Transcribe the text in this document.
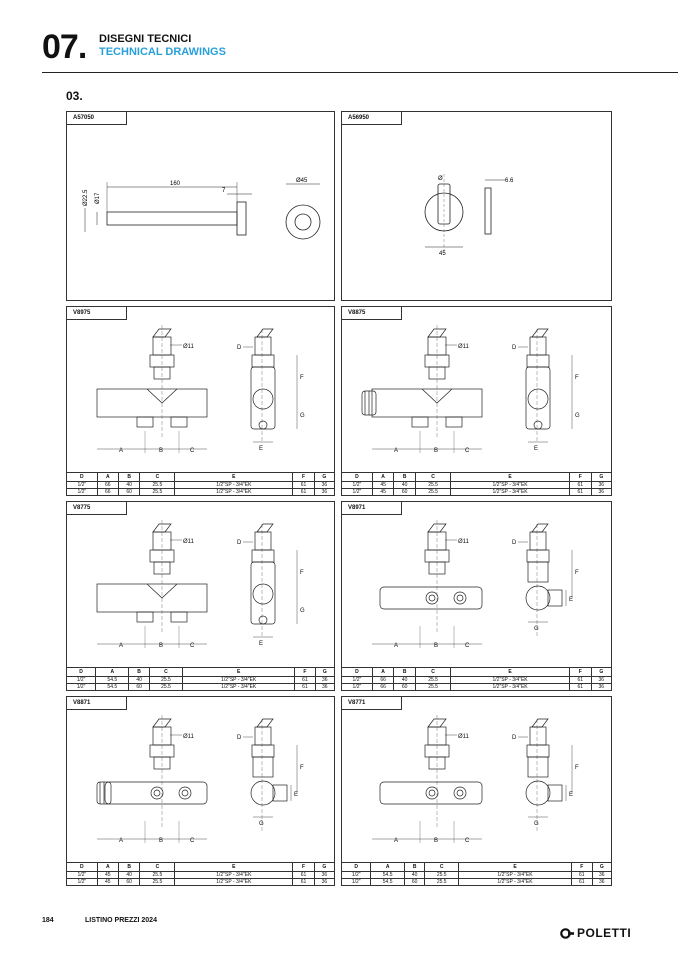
07. DISEGNI TECNICI
TECHNICAL DRAWINGS
03.
A57050
160
7
Ø22.5 Ø17
Ø45
A56950
45
Ø	6.6

V8975
Ø11
A	B	C	E
D
F
G
D	A	B	C	E	F	G
1/2"	66	40	25.5	1/2"SP - 3/4"EK	61	36
1/2"	66	60	25.5	1/2"SP - 3/4"EK	61	36
V8875
Ø11
A	B	C	E
D
F
G
D	A	B	C	E	F	G
1/2"	45	40	25.5	1/2"SP - 3/4"EK	61	36
1/2"	45	60	25.5	1/2"SP - 3/4"EK	61	36
V8775
Ø11
A	B	C	E
D
F
G
D	A	B	C	E	F	G
1/2"	54.5	40	25.5	1/2"SP - 3/4"EK	61	36
1/2"	54.5	60	25.5	1/2"SP - 3/4"EK	61	36
V8971
Ø11
A	B	C
G
E
D
F
D	A	B	C	E	F	G
1/2"	66	40	25.5	1/2"SP - 3/4"EK	61	36
1/2"	66	60	25.5	1/2"SP - 3/4"EK	61	36
V8871
Ø11
A	B	C
G
E
D
F
D	A	B	C	E	F	G
1/2"	45	40	25.5	1/2"SP - 3/4"EK	61	36
1/2"	45	60	25.5	1/2"SP - 3/4"EK	61	36
V8771
Ø11
A	B	C
G
E
D
F
D	A	B	C	E	F	G
1/2"	54.5	40	25.5	1/2"SP - 3/4"EK	61	36
1/2"	54.5	60	25.5	1/2"SP - 3/4"EK	61	36
184	LISTINO PREZZI 2024
POLETTI
